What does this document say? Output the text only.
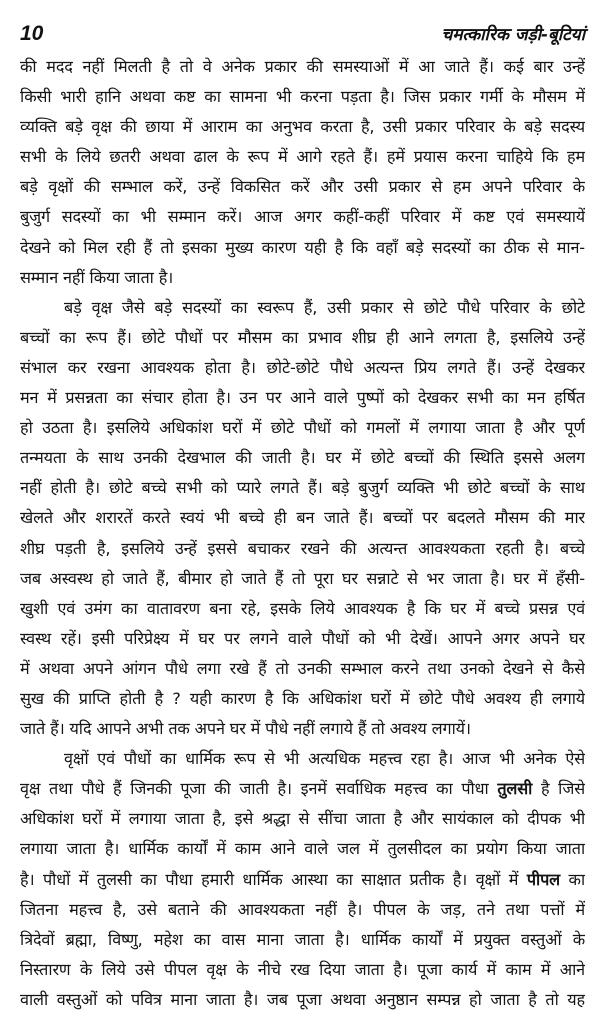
10	चमत्कारिक जड़ी-बूटियां
की मदद नहीं मिलती है तो वे अनेक प्रकार की समस्याओं में आ जाते हैं। कई बार उन्हें
किसी भारी हानि अथवा कष्ट का सामना भी करना पड़ता है। जिस प्रकार गर्मी के मौसम में
व्यक्ति बड़े वृक्ष की छाया में आराम का अनुभव करता है, उसी प्रकार परिवार के बड़े सदस्य
सभी के लिये छतरी अथवा ढाल के रूप में आगे रहते हैं। हमें प्रयास करना चाहिये कि हम
बड़े वृक्षों की सम्भाल करें, उन्हें विकसित करें और उसी प्रकार से हम अपने परिवार के
बुजुर्ग सदस्यों का भी सम्मान करें। आज अगर कहीं-कहीं परिवार में कष्ट एवं समस्यायें
देखने को मिल रही हैं तो इसका मुख्य कारण यही है कि वहाँ बड़े सदस्यों का ठीक से मान-
सम्मान नहीं किया जाता है।
बड़े वृक्ष जैसे बड़े सदस्यों का स्वरूप हैं, उसी प्रकार से छोटे पौधे परिवार के छोटे
बच्चों का रूप हैं। छोटे पौधों पर मौसम का प्रभाव शीघ्र ही आने लगता है, इसलिये उन्हें
संभाल कर रखना आवश्यक होता है। छोटे-छोटे पौधे अत्यन्त प्रिय लगते हैं। उन्हें देखकर
मन में प्रसन्नता का संचार होता है। उन पर आने वाले पुष्पों को देखकर सभी का मन हर्षित
हो उठता है। इसलिये अधिकांश घरों में छोटे पौधों को गमलों में लगाया जाता है और पूर्ण
तन्मयता के साथ उनकी देखभाल की जाती है। घर में छोटे बच्चों की स्थिति इससे अलग
नहीं होती है। छोटे बच्चे सभी को प्यारे लगते हैं। बड़े बुजुर्ग व्यक्ति भी छोटे बच्चों के साथ
खेलते और शरारतें करते स्वयं भी बच्चे ही बन जाते हैं। बच्चों पर बदलते मौसम की मार
शीघ्र पड़ती है, इसलिये उन्हें इससे बचाकर रखने की अत्यन्त आवश्यकता रहती है। बच्चे
जब अस्वस्थ हो जाते हैं, बीमार हो जाते हैं तो पूरा घर सन्नाटे से भर जाता है। घर में हँसी-
खुशी एवं उमंग का वातावरण बना रहे, इसके लिये आवश्यक है कि घर में बच्चे प्रसन्न एवं
स्वस्थ रहें। इसी परिप्रेक्ष्य में घर पर लगने वाले पौधों को भी देखें। आपने अगर अपने घर
में अथवा अपने आंगन पौधे लगा रखे हैं तो उनकी सम्भाल करने तथा उनको देखने से कैसे
सुख की प्राप्ति होती है ? यही कारण है कि अधिकांश घरों में छोटे पौधे अवश्य ही लगाये
जाते हैं। यदि आपने अभी तक अपने घर में पौधे नहीं लगाये हैं तो अवश्य लगायें।
वृक्षों एवं पौधों का धार्मिक रूप से भी अत्यधिक महत्त्व रहा है। आज भी अनेक ऐसे
वृक्ष तथा पौधे हैं जिनकी पूजा की जाती है। इनमें सर्वाधिक महत्त्व का पौधा तुलसी है जिसे
अधिकांश घरों में लगाया जाता है, इसे श्रद्धा से सींचा जाता है और सायंकाल को दीपक भी
लगाया जाता है। धार्मिक कार्यों में काम आने वाले जल में तुलसीदल का प्रयोग किया जाता
है। पौधों में तुलसी का पौधा हमारी धार्मिक आस्था का साक्षात प्रतीक है। वृक्षों में पीपल का
जितना महत्त्व है, उसे बताने की आवश्यकता नहीं है। पीपल के जड़, तने तथा पत्तों में
त्रिदेवों ब्रह्मा, विष्णु, महेश का वास माना जाता है। धार्मिक कार्यों में प्रयुक्त वस्तुओं के
निस्तारण के लिये उसे पीपल वृक्ष के नीचे रख दिया जाता है। पूजा कार्य में काम में आने
वाली वस्तुओं को पवित्र माना जाता है। जब पूजा अथवा अनुष्ठान सम्पन्न हो जाता है तो यह
